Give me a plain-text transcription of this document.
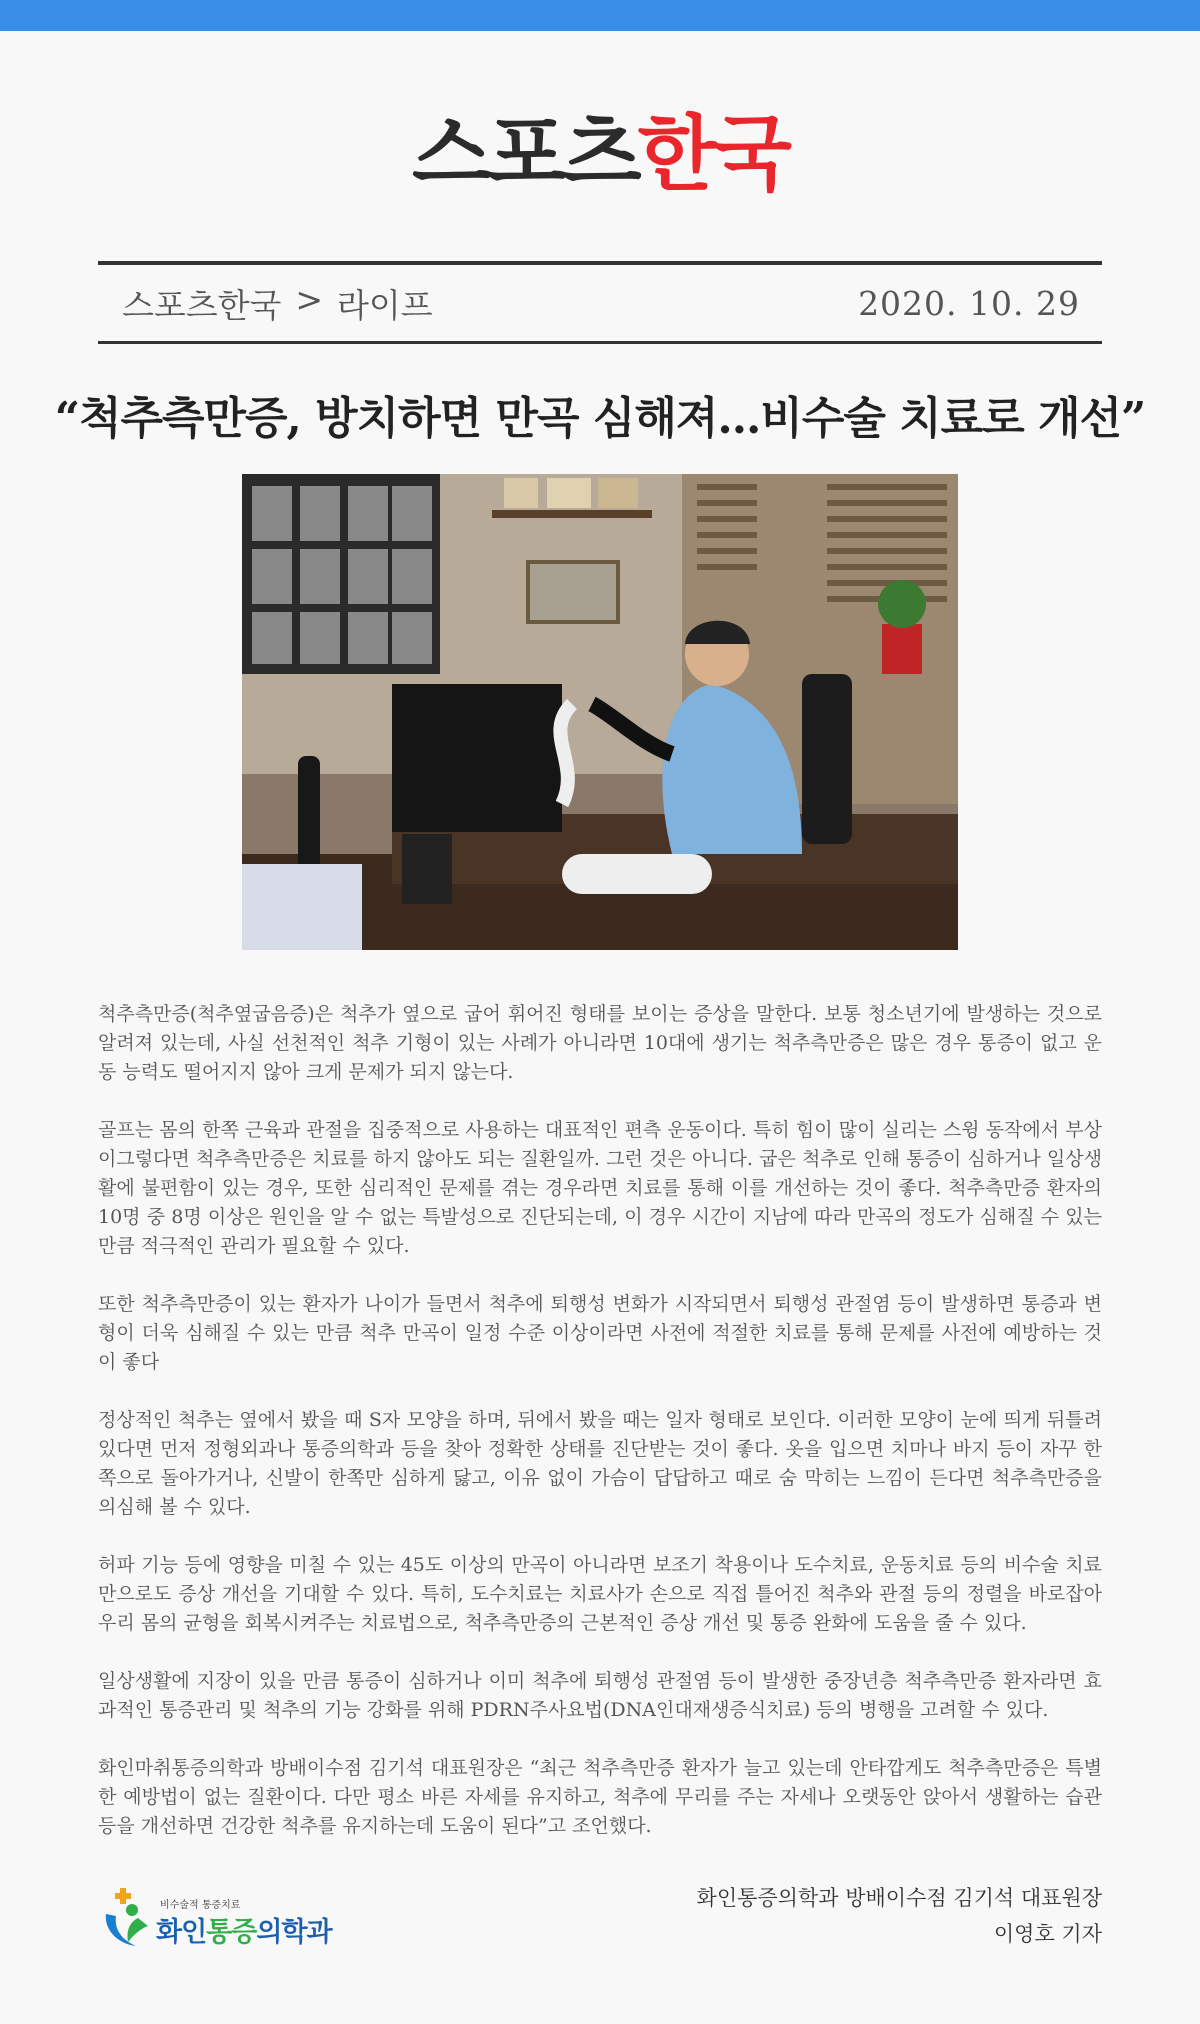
스포츠한국
스포츠한국 > 라이프	2020. 10. 29
“척추측만증, 방치하면 만곡 심해져…비수술 치료로 개선”

척추측만증(척추옆굽음증)은 척추가 옆으로 굽어 휘어진 형태를 보이는 증상을 말한다. 보통 청소년기에 발생하는 것으로 알려져 있는데, 사실 선천적인 척추 기형이 있는 사례가 아니라면 10대에 생기는 척추측만증은 많은 경우 통증이 없고 운동 능력도 떨어지지 않아 크게 문제가 되지 않는다.

골프는 몸의 한쪽 근육과 관절을 집중적으로 사용하는 대표적인 편측 운동이다. 특히 힘이 많이 실리는 스윙 동작에서 부상이그렇다면 척추측만증은 치료를 하지 않아도 되는 질환일까. 그런 것은 아니다. 굽은 척추로 인해 통증이 심하거나 일상생활에 불편함이 있는 경우, 또한 심리적인 문제를 겪는 경우라면 치료를 통해 이를 개선하는 것이 좋다. 척추측만증 환자의 10명 중 8명 이상은 원인을 알 수 없는 특발성으로 진단되는데, 이 경우 시간이 지남에 따라 만곡의 정도가 심해질 수 있는 만큼 적극적인 관리가 필요할 수 있다.

또한 척추측만증이 있는 환자가 나이가 들면서 척추에 퇴행성 변화가 시작되면서 퇴행성 관절염 등이 발생하면 통증과 변형이 더욱 심해질 수 있는 만큼 척추 만곡이 일정 수준 이상이라면 사전에 적절한 치료를 통해 문제를 사전에 예방하는 것이 좋다

정상적인 척추는 옆에서 봤을 때 S자 모양을 하며, 뒤에서 봤을 때는 일자 형태로 보인다. 이러한 모양이 눈에 띄게 뒤틀려 있다면 먼저 정형외과나 통증의학과 등을 찾아 정확한 상태를 진단받는 것이 좋다. 옷을 입으면 치마나 바지 등이 자꾸 한쪽으로 돌아가거나, 신발이 한쪽만 심하게 닳고, 이유 없이 가슴이 답답하고 때로 숨 막히는 느낌이 든다면 척추측만증을 의심해 볼 수 있다.

허파 기능 등에 영향을 미칠 수 있는 45도 이상의 만곡이 아니라면 보조기 착용이나 도수치료, 운동치료 등의 비수술 치료만으로도 증상 개선을 기대할 수 있다. 특히, 도수치료는 치료사가 손으로 직접 틀어진 척추와 관절 등의 정렬을 바로잡아 우리 몸의 균형을 회복시켜주는 치료법으로, 척추측만증의 근본적인 증상 개선 및 통증 완화에 도움을 줄 수 있다.

일상생활에 지장이 있을 만큼 통증이 심하거나 이미 척추에 퇴행성 관절염 등이 발생한 중장년층 척추측만증 환자라면 효과적인 통증관리 및 척추의 기능 강화를 위해 PDRN주사요법(DNA인대재생증식치료) 등의 병행을 고려할 수 있다.

화인마취통증의학과 방배이수점 김기석 대표원장은 “최근 척추측만증 환자가 늘고 있는데 안타깝게도 척추측만증은 특별한 예방법이 없는 질환이다. 다만 평소 바른 자세를 유지하고, 척추에 무리를 주는 자세나 오랫동안 앉아서 생활하는 습관 등을 개선하면 건강한 척추를 유지하는데 도움이 된다”고 조언했다.

비수술적 통증치료
화인통증의학과
화인통증의학과 방배이수점 김기석 대표원장
이영호 기자
